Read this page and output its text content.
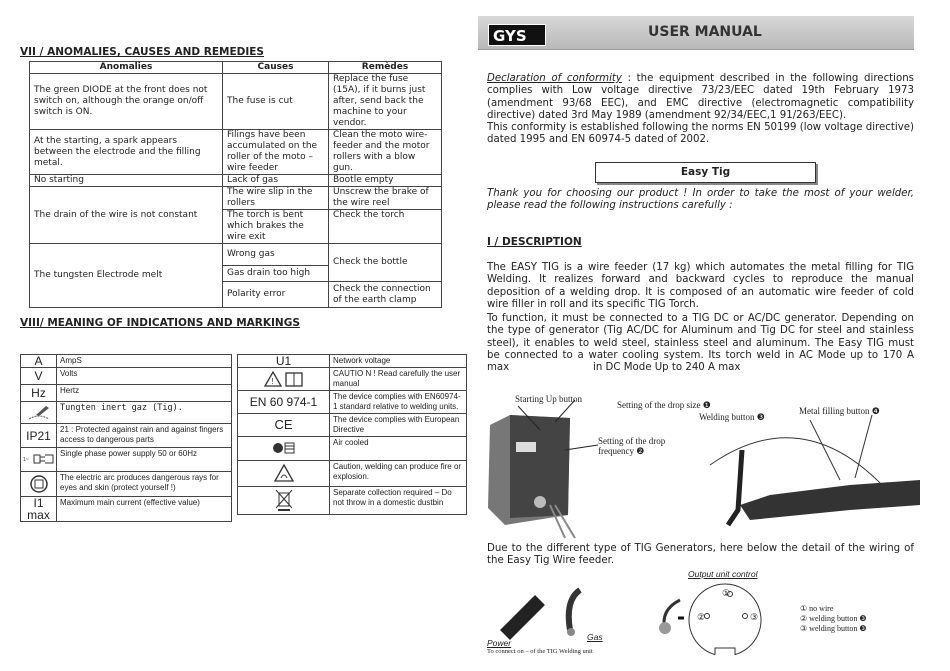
VII / ANOMALIES, CAUSES AND REMEDIES
Anomalies	Causes	Remèdes
The green DIODE at the front does not switch on, although the orange on/off switch is ON.	The fuse is cut	Replace the fuse (15A), if it burns just after, send back the machine to your vendor.
At the starting, a spark appears between the electrode and the filling metal.	Filings have been accumulated on the roller of the moto – wire feeder	Clean the moto wire-feeder and the motor rollers with a blow gun.
No starting	Lack of gas	Bootle empty
The drain of the wire is not constant	The wire slip in the rollers	Unscrew the brake of the wire reel
	The torch is bent which brakes the wire exit	Check the torch
The tungsten Electrode melt	Wrong gas	Check the bottle
	Gas drain too high	
	Polarity error	Check the connection of the earth clamp
VIII/ MEANING OF INDICATIONS AND MARKINGS
A	AmpS
V	Volts
Hz	Hertz
	Tungten inert gaz (Tig).
IP21	21 : Protected against rain and against fingers access to dangerous parts

1~	Single phase power supply 50 or 60Hz
	The electric arc produces dangerous rays for eyes and skin (protect yourself !)
I1 max	Maximum main current (effective value)
U1	Network voltage

!	CAUTIO N ! Read carefully the user manual
EN 60 974-1	The device complies with EN60974-1 standard relative to welding units.
CE	The device complies with European Directive
	Air cooled
	Caution, welding can produce fire or explosion.
	Separate collection required – Do not throw in a domestic dustbin
GYS	USER MANUAL
Declaration of conformity : the equipment described in the following directions complies with Low voltage directive 73/23/EEC dated 19th February 1973 (amendment 93/68 EEC), and EMC directive (electromagnetic compatibility directive) dated 3rd May 1989 (amendment 92/34/EEC,1 91/263/EEC).
This conformity is established following the norms EN 50199 (low voltage directive) dated 1995 and EN 60974-5 dated of 2002.
Easy Tig
Thank you for choosing our product ! In order to take the most of your welder, please read the following instructions carefully :
I / DESCRIPTION
The EASY TIG is a wire feeder (17 kg) which automates the metal filling for TIG Welding. It realizes forward and backward cycles to reproduce the manual deposition of a welding drop. It is composed of an automatic wire feeder of cold wire filler in roll and its specific TIG Torch.
To function, it must be connected to a TIG DC or AC/DC generator. Depending on the type of generator (Tig AC/DC for Aluminum and Tig DC for steel and stainless steel), it enables to weld steel, stainless steel and aluminum. The Easy TIG must be connected to a water cooling system. Its torch weld in AC Mode up to 170 A max	in DC Mode Up to 240 A max
Starting Up button
Setting of the drop size ❶
Setting of the drop frequency ❷
Welding button ❸
Metal filling button ❹
Due to the different type of TIG Generators, here below the detail of the wiring of the Easy Tig Wire feeder.
①
②	③
Output unit control
Power
To connect on – of the TIG Welding unit
Gas
① no wire
② welding button ❸
③ welding button ❸
